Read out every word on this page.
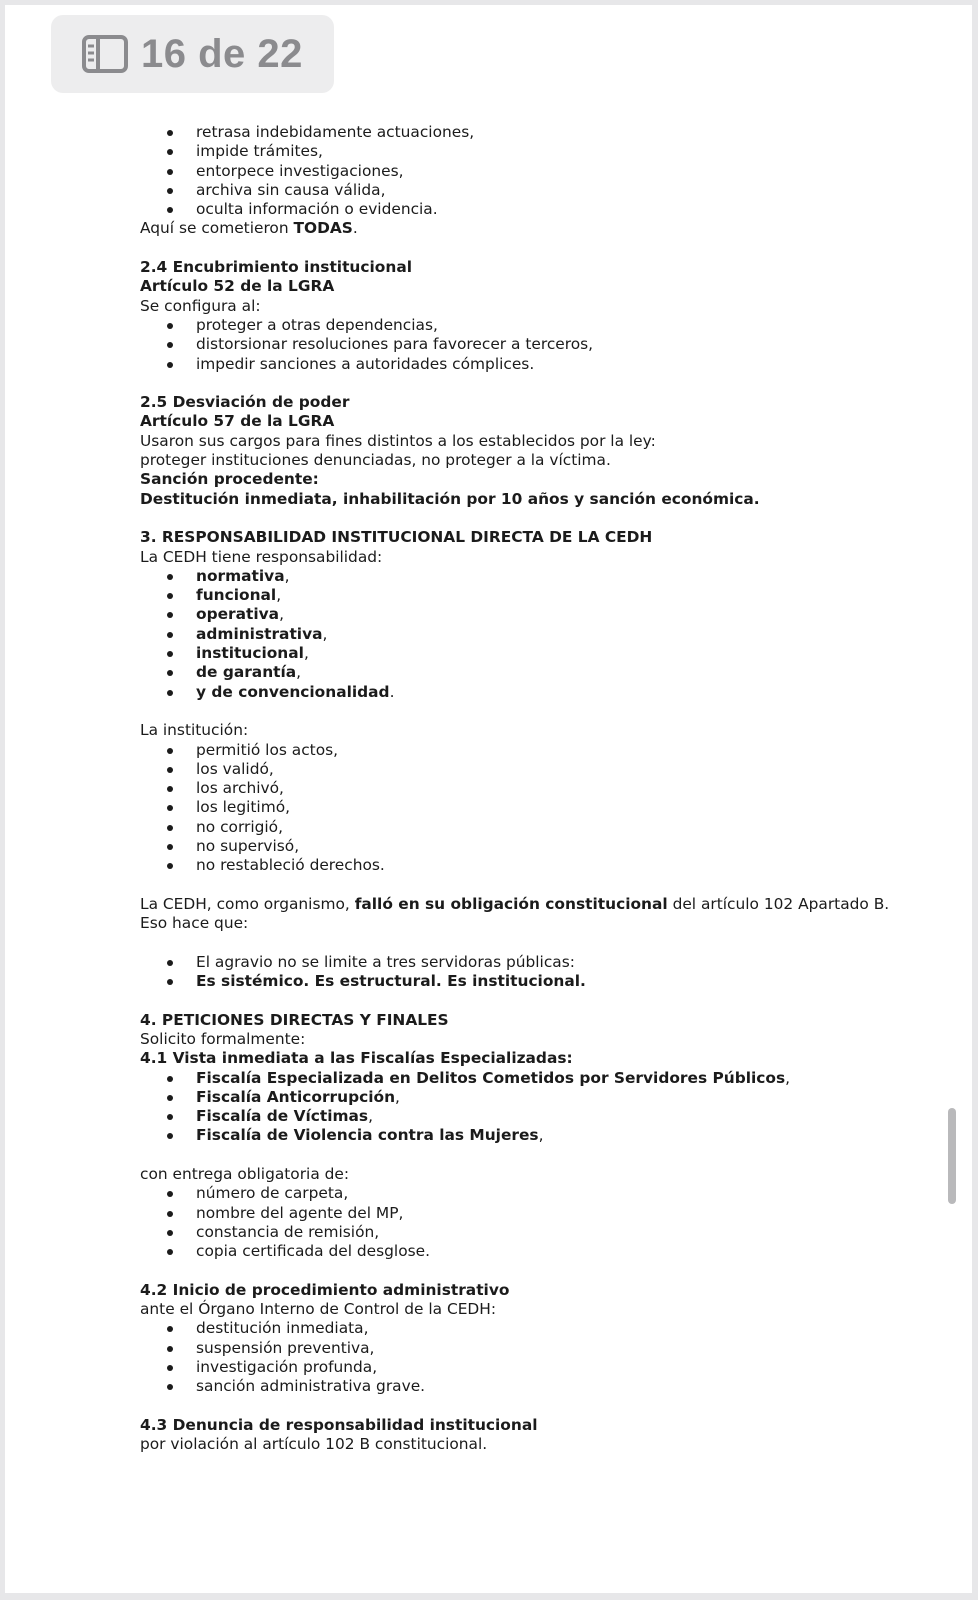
16 de 22
retrasa indebidamente actuaciones,
impide trámites,
entorpece investigaciones,
archiva sin causa válida,
oculta información o evidencia.

Aquí se cometieron TODAS.

2.4 Encubrimiento institucional

Artículo 52 de la LGRA

Se configura al:

proteger a otras dependencias,
distorsionar resoluciones para favorecer a terceros,
impedir sanciones a autoridades cómplices.

2.5 Desviación de poder

Artículo 57 de la LGRA

Usaron sus cargos para fines distintos a los establecidos por la ley:

proteger instituciones denunciadas, no proteger a la víctima.

Sanción procedente:

Destitución inmediata, inhabilitación por 10 años y sanción económica.

3. RESPONSABILIDAD INSTITUCIONAL DIRECTA DE LA CEDH

La CEDH tiene responsabilidad:

normativa,
funcional,
operativa,
administrativa,
institucional,
de garantía,
y de convencionalidad.

La institución:

permitió los actos,
los validó,
los archivó,
los legitimó,
no corrigió,
no supervisó,
no restableció derechos.

La CEDH, como organismo, falló en su obligación constitucional del artículo 102 Apartado B.

Eso hace que:

El agravio no se limite a tres servidoras públicas:
Es sistémico. Es estructural. Es institucional.

4. PETICIONES DIRECTAS Y FINALES

Solicito formalmente:

4.1 Vista inmediata a las Fiscalías Especializadas:

Fiscalía Especializada en Delitos Cometidos por Servidores Públicos,
Fiscalía Anticorrupción,
Fiscalía de Víctimas,
Fiscalía de Violencia contra las Mujeres,

con entrega obligatoria de:

número de carpeta,
nombre del agente del MP,
constancia de remisión,
copia certificada del desglose.

4.2 Inicio de procedimiento administrativo

ante el Órgano Interno de Control de la CEDH:

destitución inmediata,
suspensión preventiva,
investigación profunda,
sanción administrativa grave.

4.3 Denuncia de responsabilidad institucional

por violación al artículo 102 B constitucional.
